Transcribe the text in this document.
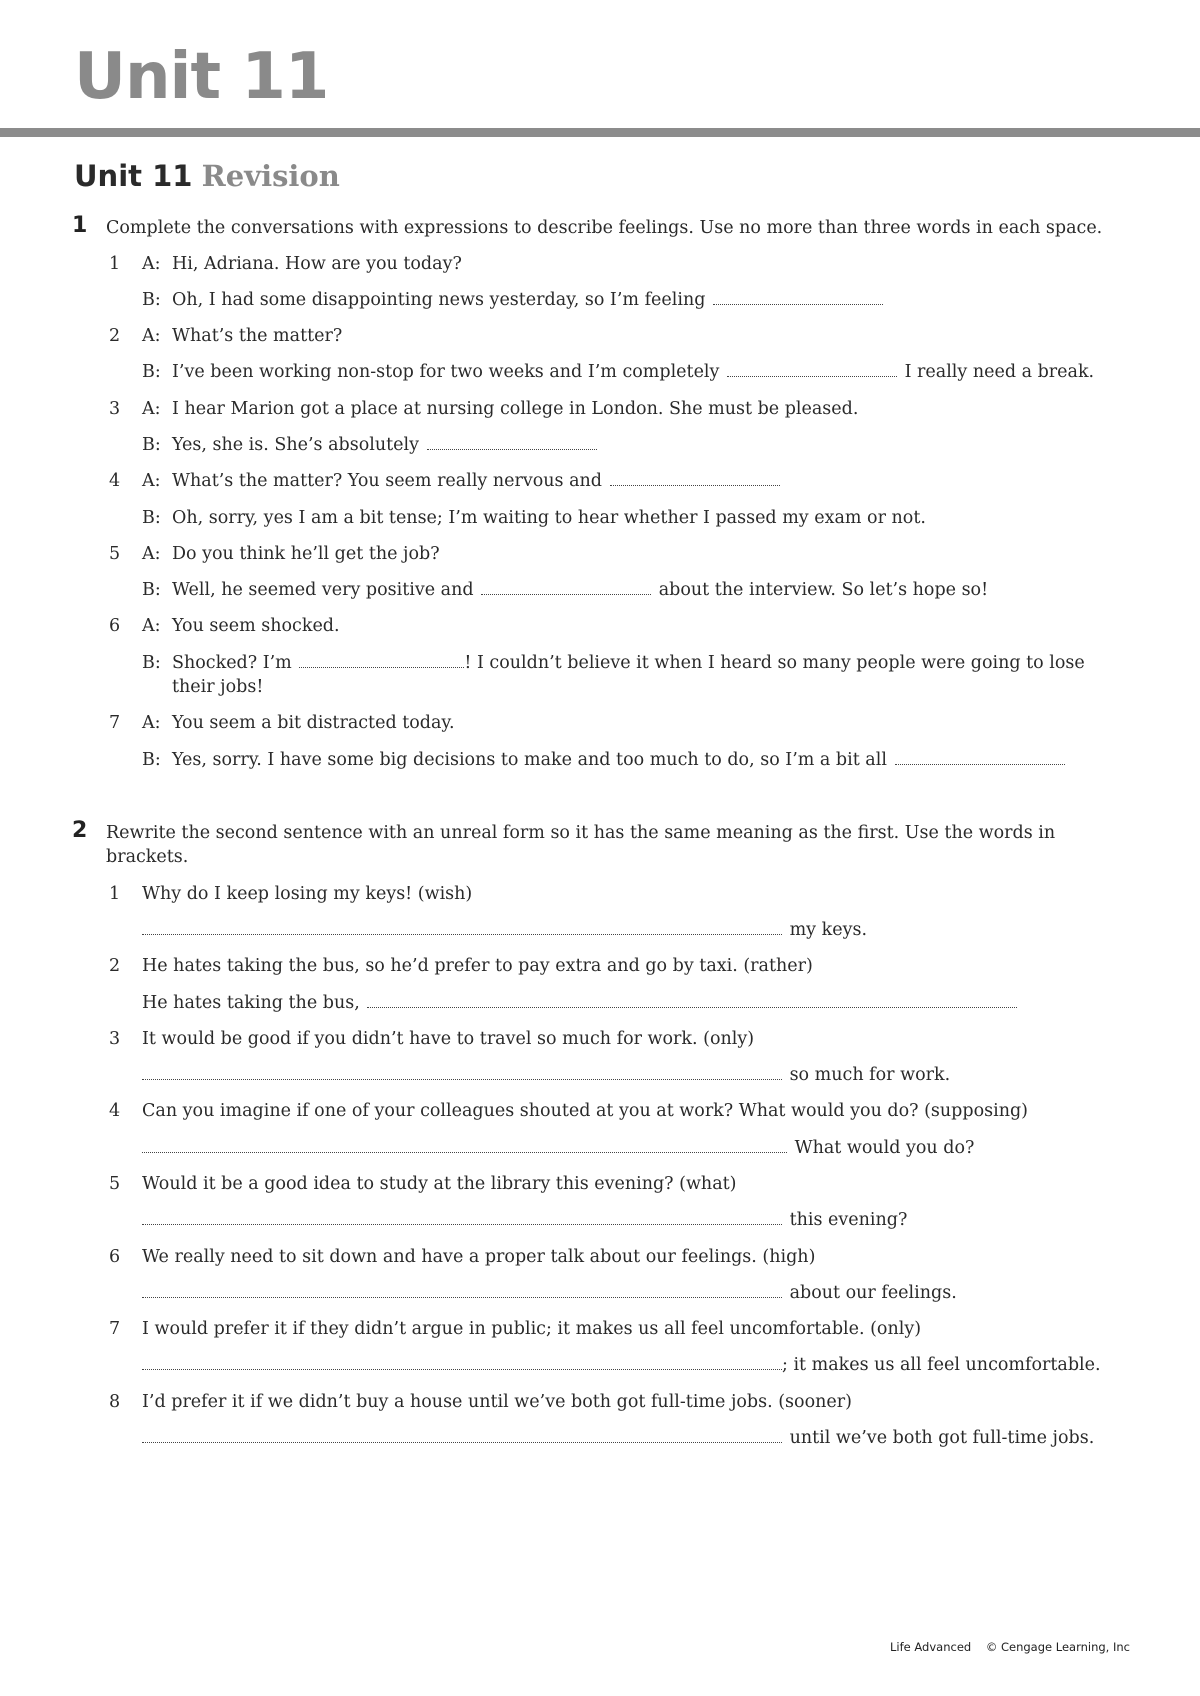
Unit 11
Unit 11 Revision
1 Complete the conversations with expressions to describe feelings. Use no more than three words in each space.
1 A: Hi, Adriana. How are you today?
B: Oh, I had some disappointing news yesterday, so I’m feeling
2 A: What’s the matter?
B: I’ve been working non-stop for two weeks and I’m completely	I really need a break.
3 A: I hear Marion got a place at nursing college in London. She must be pleased.
B: Yes, she is. She’s absolutely
4 A: What’s the matter? You seem really nervous and
B: Oh, sorry, yes I am a bit tense; I’m waiting to hear whether I passed my exam or not.
5 A: Do you think he’ll get the job?
B: Well, he seemed very positive and	about the interview. So let’s hope so!
6 A: You seem shocked.
B: Shocked? I’m	! I couldn’t believe it when I heard so many people were going to lose
their jobs!
7 A: You seem a bit distracted today.
B: Yes, sorry. I have some big decisions to make and too much to do, so I’m a bit all
2 Rewrite the second sentence with an unreal form so it has the same meaning as the first. Use the words in
brackets.
1 Why do I keep losing my keys! (wish)
my keys.
2 He hates taking the bus, so he’d prefer to pay extra and go by taxi. (rather)
He hates taking the bus,
3 It would be good if you didn’t have to travel so much for work. (only)
so much for work.
4 Can you imagine if one of your colleagues shouted at you at work? What would you do? (supposing)
What would you do?
5 Would it be a good idea to study at the library this evening? (what)
this evening?
6 We really need to sit down and have a proper talk about our feelings. (high)
about our feelings.
7 I would prefer it if they didn’t argue in public; it makes us all feel uncomfortable. (only)
; it makes us all feel uncomfortable.
8 I’d prefer it if we didn’t buy a house until we’ve both got full-time jobs. (sooner)
until we’ve both got full-time jobs.
Life Advanced © Cengage Learning, Inc
